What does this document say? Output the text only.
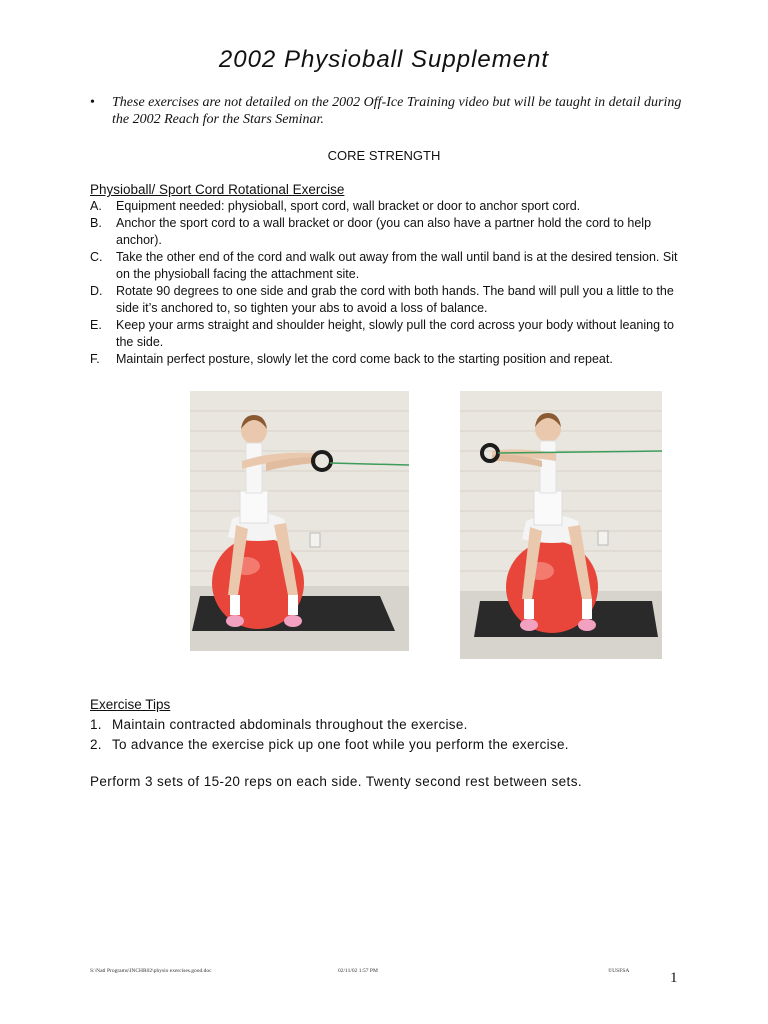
2002 Physioball Supplement
• These exercises are not detailed on the 2002 Off-Ice Training video but will be taught in detail during the 2002 Reach for the Stars Seminar.
CORE STRENGTH
Physioball/ Sport Cord Rotational Exercise
A. Equipment needed: physioball, sport cord, wall bracket or door to anchor sport cord.
B. Anchor the sport cord to a wall bracket or door (you can also have a partner hold the cord to help anchor).
C. Take the other end of the cord and walk out away from the wall until band is at the desired tension. Sit on the physioball facing the attachment site.
D. Rotate 90 degrees to one side and grab the cord with both hands. The band will pull you a little to the side it’s anchored to, so tighten your abs to avoid a loss of balance.
E. Keep your arms straight and shoulder height, slowly pull the cord across your body without leaning to the side.
F. Maintain perfect posture, slowly let the cord come back to the starting position and repeat.
Exercise Tips
1. Maintain contracted abdominals throughout the exercise.
2. To advance the exercise pick up one foot while you perform the exercise.
Perform 3 sets of 15-20 reps on each side. Twenty second rest between sets.
S:\Natl Programs\INCHR02\physio exercises.good.doc	02/11/02 1:57 PM	©USFSA	1
